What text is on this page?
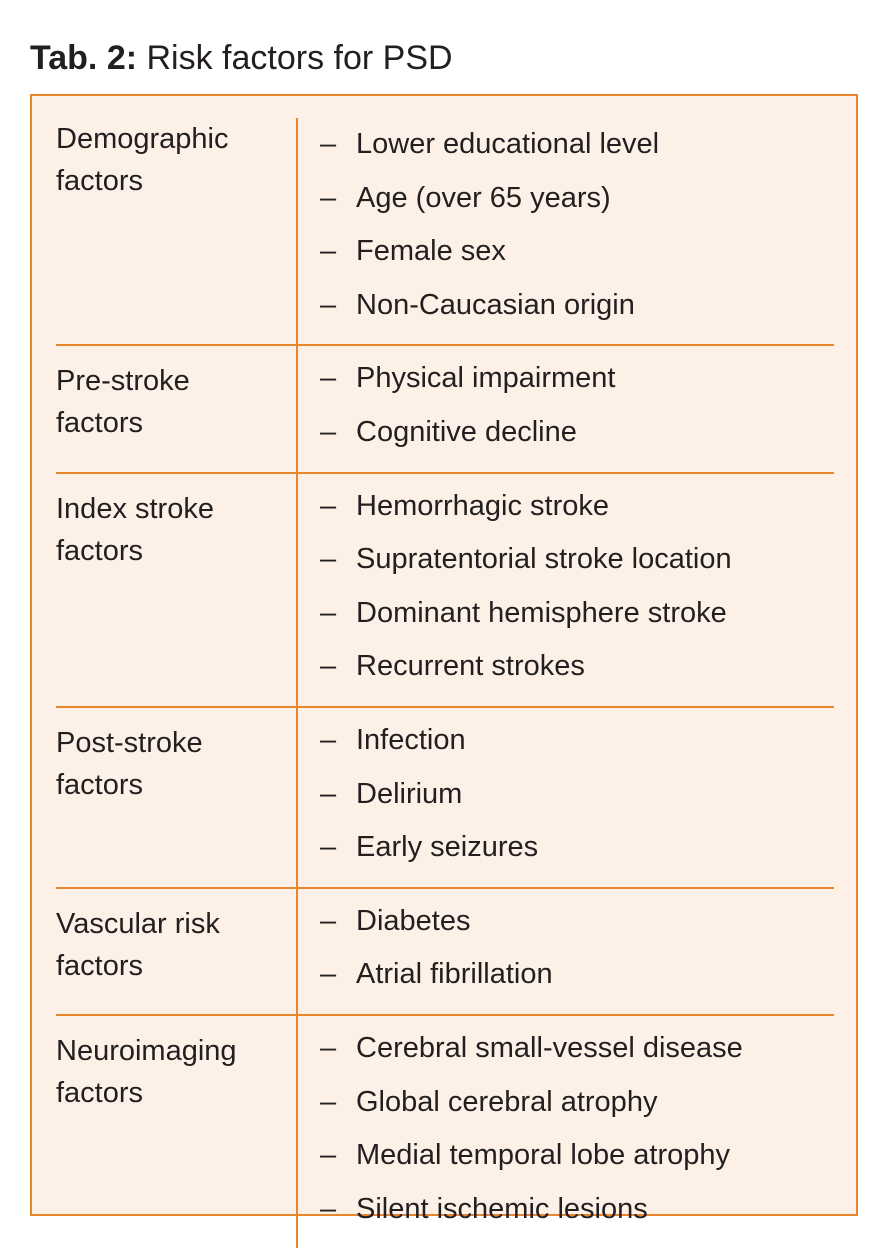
Tab. 2: Risk factors for PSD
Demographic
factors
– Lower educational level
– Age (over 65 years)
– Female sex
– Non-Caucasian origin
Pre-stroke
factors
– Physical impairment
– Cognitive decline
Index stroke
factors
– Hemorrhagic stroke
– Supratentorial stroke location
– Dominant hemisphere stroke
– Recurrent strokes
Post-stroke
factors
– Infection
– Delirium
– Early seizures
Vascular risk
factors
– Diabetes
– Atrial fibrillation
Neuroimaging
factors
– Cerebral small-vessel disease
– Global cerebral atrophy
– Medial temporal lobe atrophy
– Silent ischemic lesions
